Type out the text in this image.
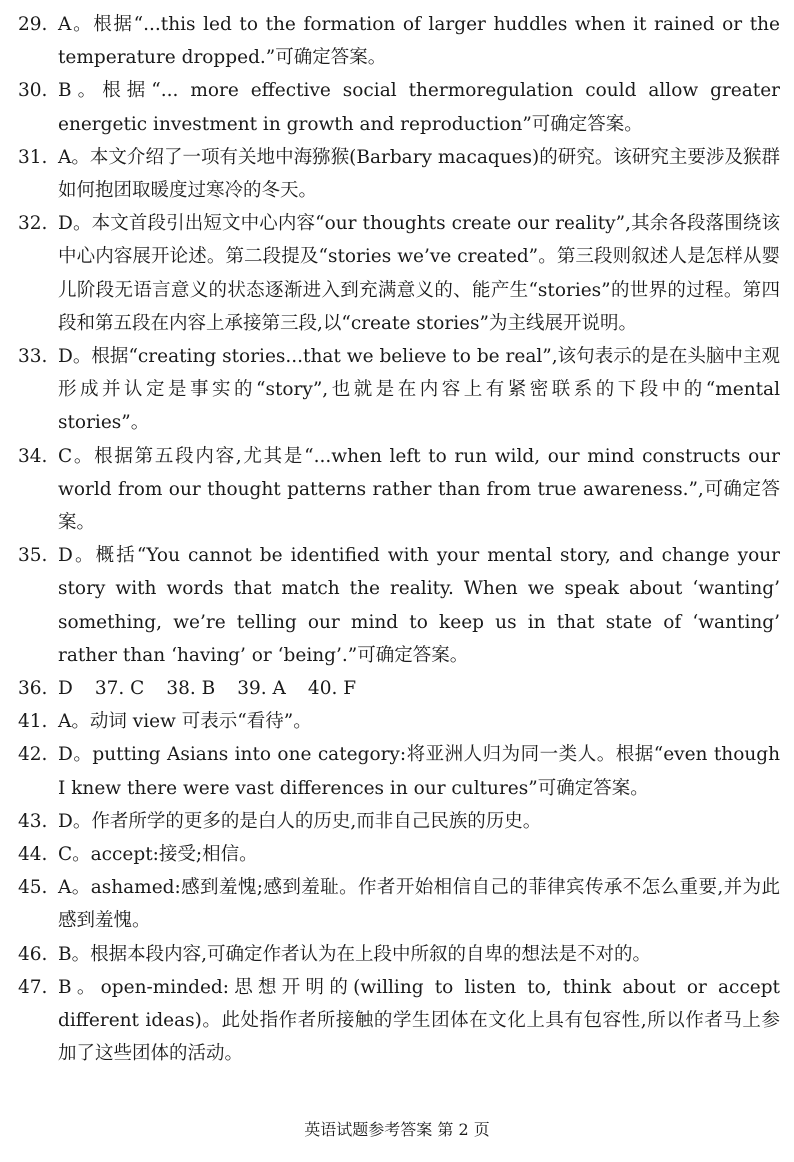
29. A。根据“...this led to the formation of larger huddles when it rained or the temperature dropped.”可确定答案。
30. B。根据“... more effective social thermoregulation could allow greater energetic investment in growth and reproduction”可确定答案。
31. A。本文介绍了一项有关地中海猕猴(Barbary macaques)的研究。该研究主要涉及猴群如何抱团取暖度过寒冷的冬天。
32. D。本文首段引出短文中心内容“our thoughts create our reality”,其余各段落围绕该中心内容展开论述。第二段提及“stories we’ve created”。第三段则叙述人是怎样从婴儿阶段无语言意义的状态逐渐进入到充满意义的、能产生“stories”的世界的过程。第四段和第五段在内容上承接第三段,以“create stories”为主线展开说明。
33. D。根据“creating stories...that we believe to be real”,该句表示的是在头脑中主观形成并认定是事实的“story”,也就是在内容上有紧密联系的下段中的“mental stories”。
34. C。根据第五段内容,尤其是“...when left to run wild, our mind constructs our world from our thought patterns rather than from true awareness.”,可确定答案。
35. D。概括“You cannot be identified with your mental story, and change your story with words that match the reality. When we speak about ‘wanting’ something, we’re telling our mind to keep us in that state of ‘wanting’ rather than ‘having’ or ‘being’.”可确定答案。
36. D 37. C 38. B 39. A 40. F
41. A。动词 view 可表示“看待”。
42. D。putting Asians into one category:将亚洲人归为同一类人。根据“even though I knew there were vast differences in our cultures”可确定答案。
43. D。作者所学的更多的是白人的历史,而非自己民族的历史。
44. C。accept:接受;相信。
45. A。ashamed:感到羞愧;感到羞耻。作者开始相信自己的菲律宾传承不怎么重要,并为此感到羞愧。
46. B。根据本段内容,可确定作者认为在上段中所叙的自卑的想法是不对的。
47. B。open-minded:思想开明的(willing to listen to, think about or accept different ideas)。此处指作者所接触的学生团体在文化上具有包容性,所以作者马上参加了这些团体的活动。
英语试题参考答案 第 2 页
